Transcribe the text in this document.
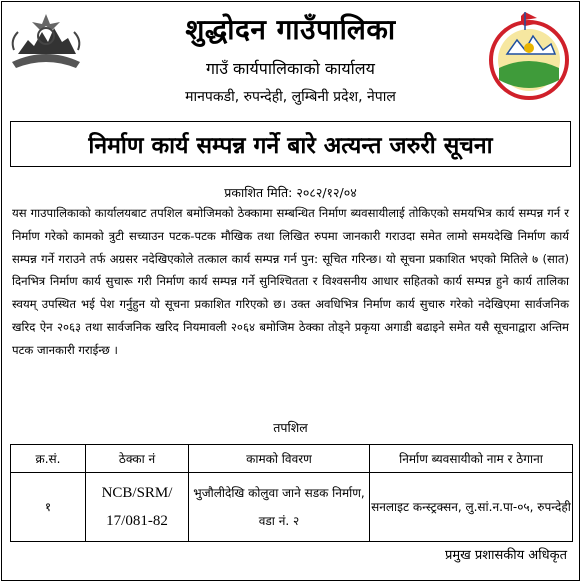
शुद्धोदन गाउँपालिका
गाउँ कार्यपालिकाको कार्यालय
मानपकडी, रुपन्देही, लुम्बिनी प्रदेश, नेपाल
निर्माण कार्य सम्पन्न गर्ने बारे अत्यन्त जरुरी सूचना
प्रकाशित मिति: २०८२/१२/०४
यस गाउपालिकाको कार्यालयबाट तपशिल बमोजिमको ठेक्कामा सम्बन्धित निर्माण ब्यवसायीलाई तोकिएको समयभित्र कार्य सम्पन्न गर्न र निर्माण गरेको कामको त्रुटी सच्याउन पटक-पटक मौखिक तथा लिखित रुपमा जानकारी गराउदा समेत लामो समयदेखि निर्माण कार्य सम्पन्न गर्ने गराउने तर्फ अग्रसर नदेखिएकोले तत्काल कार्य सम्पन्न गर्न पुन: सूचित गरिन्छ। यो सूचना प्रकाशित भएको मितिले ७ (सात) दिनभित्र निर्माण कार्य सुचारू गरी निर्माण कार्य सम्पन्न गर्ने सुनिश्चितता र विश्वसनीय आधार सहितको कार्य सम्पन्न हुने कार्य तालिका स्वयम् उपस्थित भई पेश गर्नुहुन यो सूचना प्रकाशित गरिएको छ। उक्त अवधिभित्र निर्माण कार्य सुचारु गरेको नदेखिएमा सार्वजनिक खरिद ऐन २०६३ तथा सार्वजनिक खरिद नियमावली २०६४ बमोजिम ठेक्का तोड्ने प्रकृया अगाडी बढाइने समेत यसै सूचनाद्वारा अन्तिम पटक जानकारी गराईन्छ ।
तपशिल
क्र.सं.	ठेक्का नं	कामको विवरण	निर्माण ब्यवसायीको नाम र ठेगाना
१	NCB/SRM/ 17/081-82	भुजौलीदेखि कोलुवा जाने सडक निर्माण, वडा नं. २	सनलाइट कन्स्ट्रक्सन, लु.सां.न.पा-०५, रुपन्देही
प्रमुख प्रशासकीय अधिकृत
